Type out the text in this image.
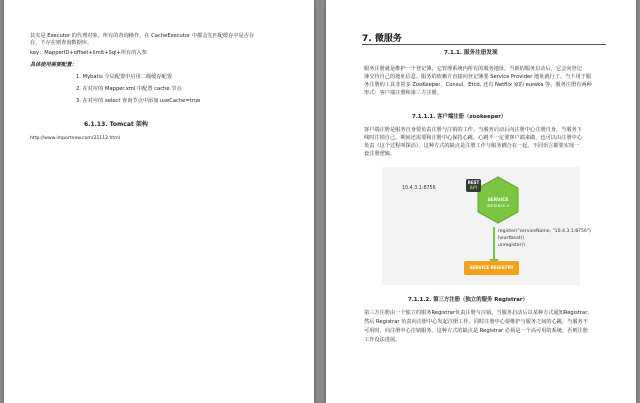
其实是 Executor 的代理对象。所有的查询操作，在 CacheExecutor 中都会先匹配缓存中是否存
在，不存在则查询数据库。
key：MapperID+offset+limit+Sql+所有的入参
具体使用需要配置：
1. Mybatis 全局配置中启用二级缓存配置
2. 在对应的 Mapper.xml 中配置 cache 节点
3. 在对应的 select 查询节点中添加 useCache=true
6.1.13. Tomcat 架构
http://www.importnew.com/21112.html
7. 微服务
7.1.1. 服务注册发现
服务注册就是维护一个登记簿，它管理系统内所有的服务地址。当新的服务启动后，它会向登记
簿交待自己的地址信息。服务的依赖方直接向登记簿要 Service Provider 地址就行了。当下用于服
务注册的工具非常多 ZooKeeper，Consul，Etcd, 还有 Netflix 家的 eureka 等。服务注册有两种
形式：客户端注册和第三方注册。
7.1.1.1. 客户端注册（zookeeper）
客户端注册是服务自身要负责注册与注销的工作。当服务启动后向注册中心注册自身，当服务下
线时注销自己。期间还需要和注册中心保持心跳。心跳不一定要客户端来做，也可以由注册中心
负责（这个过程叫探活）。这种方式的缺点是注册工作与服务耦合在一起，不同语言都要实现一
套注册逻辑。
10.4.3.1:8756
SERVICE
INSTANCE A
REST
API
register("serviceName, "10.4.3.1:8756")
heartbeat()
unregister()
SERVICE REGISTRY
7.1.1.2. 第三方注册（独立的服务 Registrar）
第三方注册由一个独立的服务Registrar负责注册与注销。当服务启动后以某种方式通知Registrar,
然后 Registrar 负责向注册中心发起注册工作。同时注册中心要维护与服务之间的心跳，当服务不
可用时，向注册中心注销服务。这种方式的缺点是 Registrar 必须是一个高可用的系统，否则注册
工作没法进展。
